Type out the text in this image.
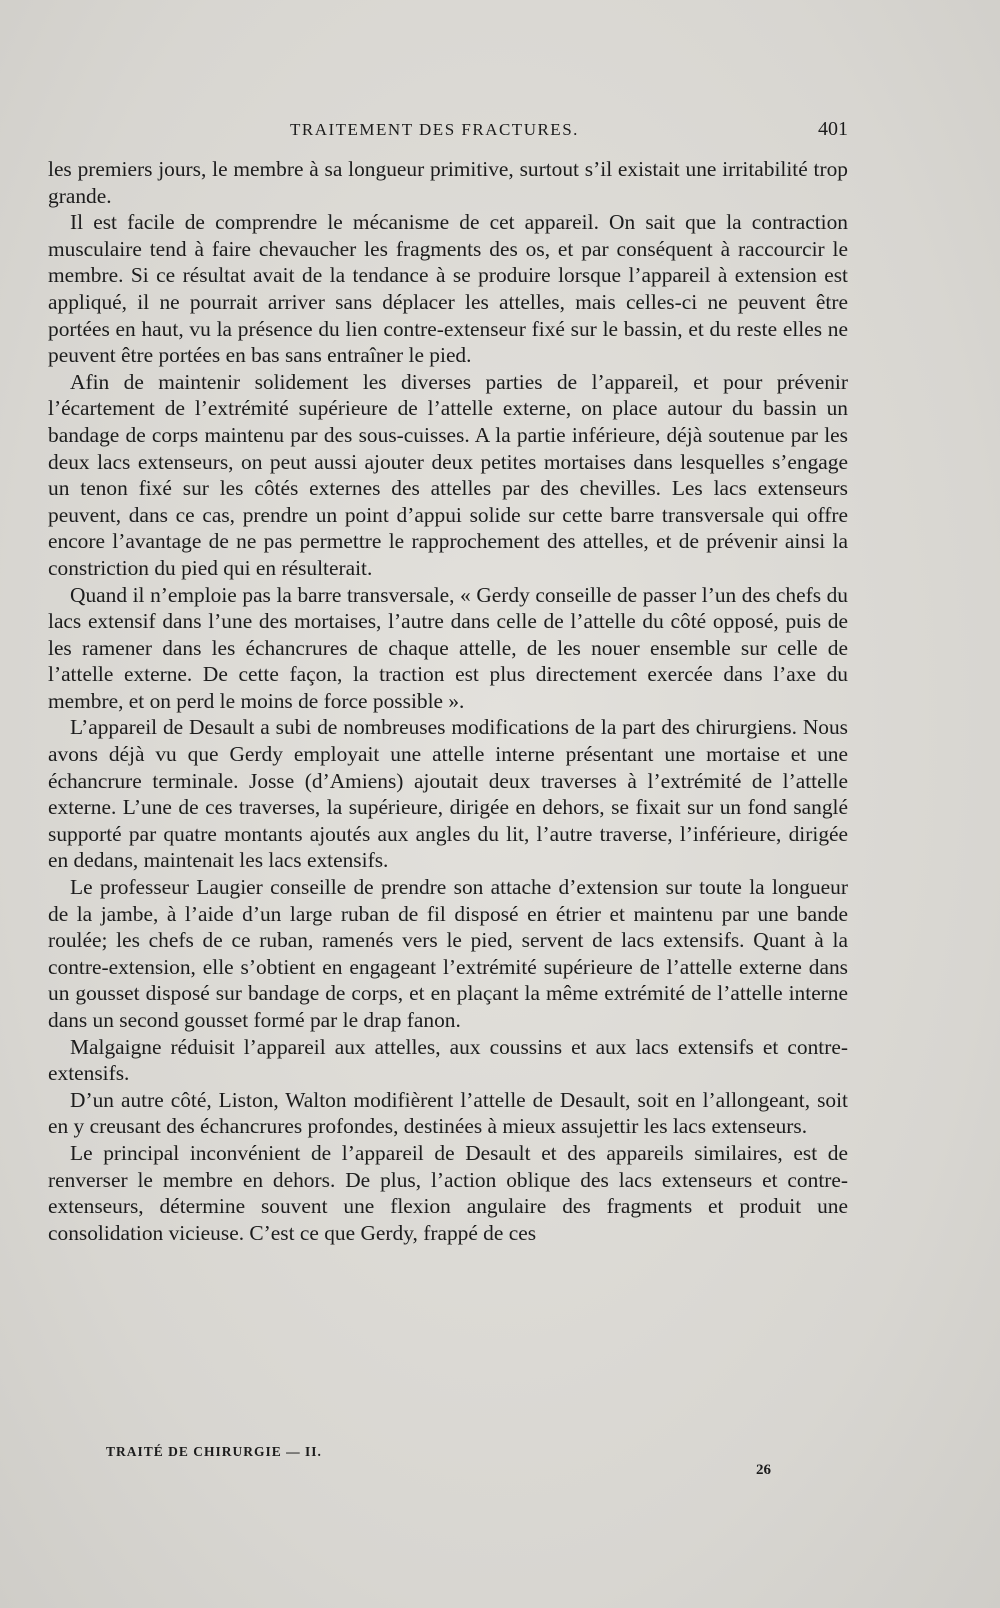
TRAITEMENT DES FRACTURES.	401

les premiers jours, le membre à sa longueur primitive, surtout s’il existait une irritabilité trop grande.

Il est facile de comprendre le mécanisme de cet appareil. On sait que la contraction musculaire tend à faire chevaucher les fragments des os, et par conséquent à raccourcir le membre. Si ce résultat avait de la tendance à se produire lorsque l’appareil à extension est appliqué, il ne pourrait arriver sans déplacer les attelles, mais celles-ci ne peuvent être portées en haut, vu la présence du lien contre-extenseur fixé sur le bassin, et du reste elles ne peuvent être portées en bas sans entraîner le pied.

Afin de maintenir solidement les diverses parties de l’appareil, et pour prévenir l’écartement de l’extrémité supérieure de l’attelle externe, on place autour du bassin un bandage de corps maintenu par des sous-cuisses. A la partie inférieure, déjà soutenue par les deux lacs extenseurs, on peut aussi ajouter deux petites mortaises dans lesquelles s’engage un tenon fixé sur les côtés externes des attelles par des chevilles. Les lacs extenseurs peuvent, dans ce cas, prendre un point d’appui solide sur cette barre transversale qui offre encore l’avantage de ne pas permettre le rapprochement des attelles, et de prévenir ainsi la constriction du pied qui en résulterait.

Quand il n’emploie pas la barre transversale, « Gerdy conseille de passer l’un des chefs du lacs extensif dans l’une des mortaises, l’autre dans celle de l’attelle du côté opposé, puis de les ramener dans les échancrures de chaque attelle, de les nouer ensemble sur celle de l’attelle externe. De cette façon, la traction est plus directement exercée dans l’axe du membre, et on perd le moins de force possible ».

L’appareil de Desault a subi de nombreuses modifications de la part des chirurgiens. Nous avons déjà vu que Gerdy employait une attelle interne présentant une mortaise et une échancrure terminale. Josse (d’Amiens) ajoutait deux traverses à l’extrémité de l’attelle externe. L’une de ces traverses, la supérieure, dirigée en dehors, se fixait sur un fond sanglé supporté par quatre montants ajoutés aux angles du lit, l’autre traverse, l’inférieure, dirigée en dedans, maintenait les lacs extensifs.

Le professeur Laugier conseille de prendre son attache d’extension sur toute la longueur de la jambe, à l’aide d’un large ruban de fil disposé en étrier et maintenu par une bande roulée; les chefs de ce ruban, ramenés vers le pied, servent de lacs extensifs. Quant à la contre-extension, elle s’obtient en engageant l’extrémité supérieure de l’attelle externe dans un gousset disposé sur bandage de corps, et en plaçant la même extrémité de l’attelle interne dans un second gousset formé par le drap fanon.

Malgaigne réduisit l’appareil aux attelles, aux coussins et aux lacs extensifs et contre-extensifs.

D’un autre côté, Liston, Walton modifièrent l’attelle de Desault, soit en l’allongeant, soit en y creusant des échancrures profondes, destinées à mieux assujettir les lacs extenseurs.

Le principal inconvénient de l’appareil de Desault et des appareils similaires, est de renverser le membre en dehors. De plus, l’action oblique des lacs extenseurs et contre-extenseurs, détermine souvent une flexion angulaire des fragments et produit une consolidation vicieuse. C’est ce que Gerdy, frappé de ces

TRAITÉ DE CHIRURGIE — II.
26
